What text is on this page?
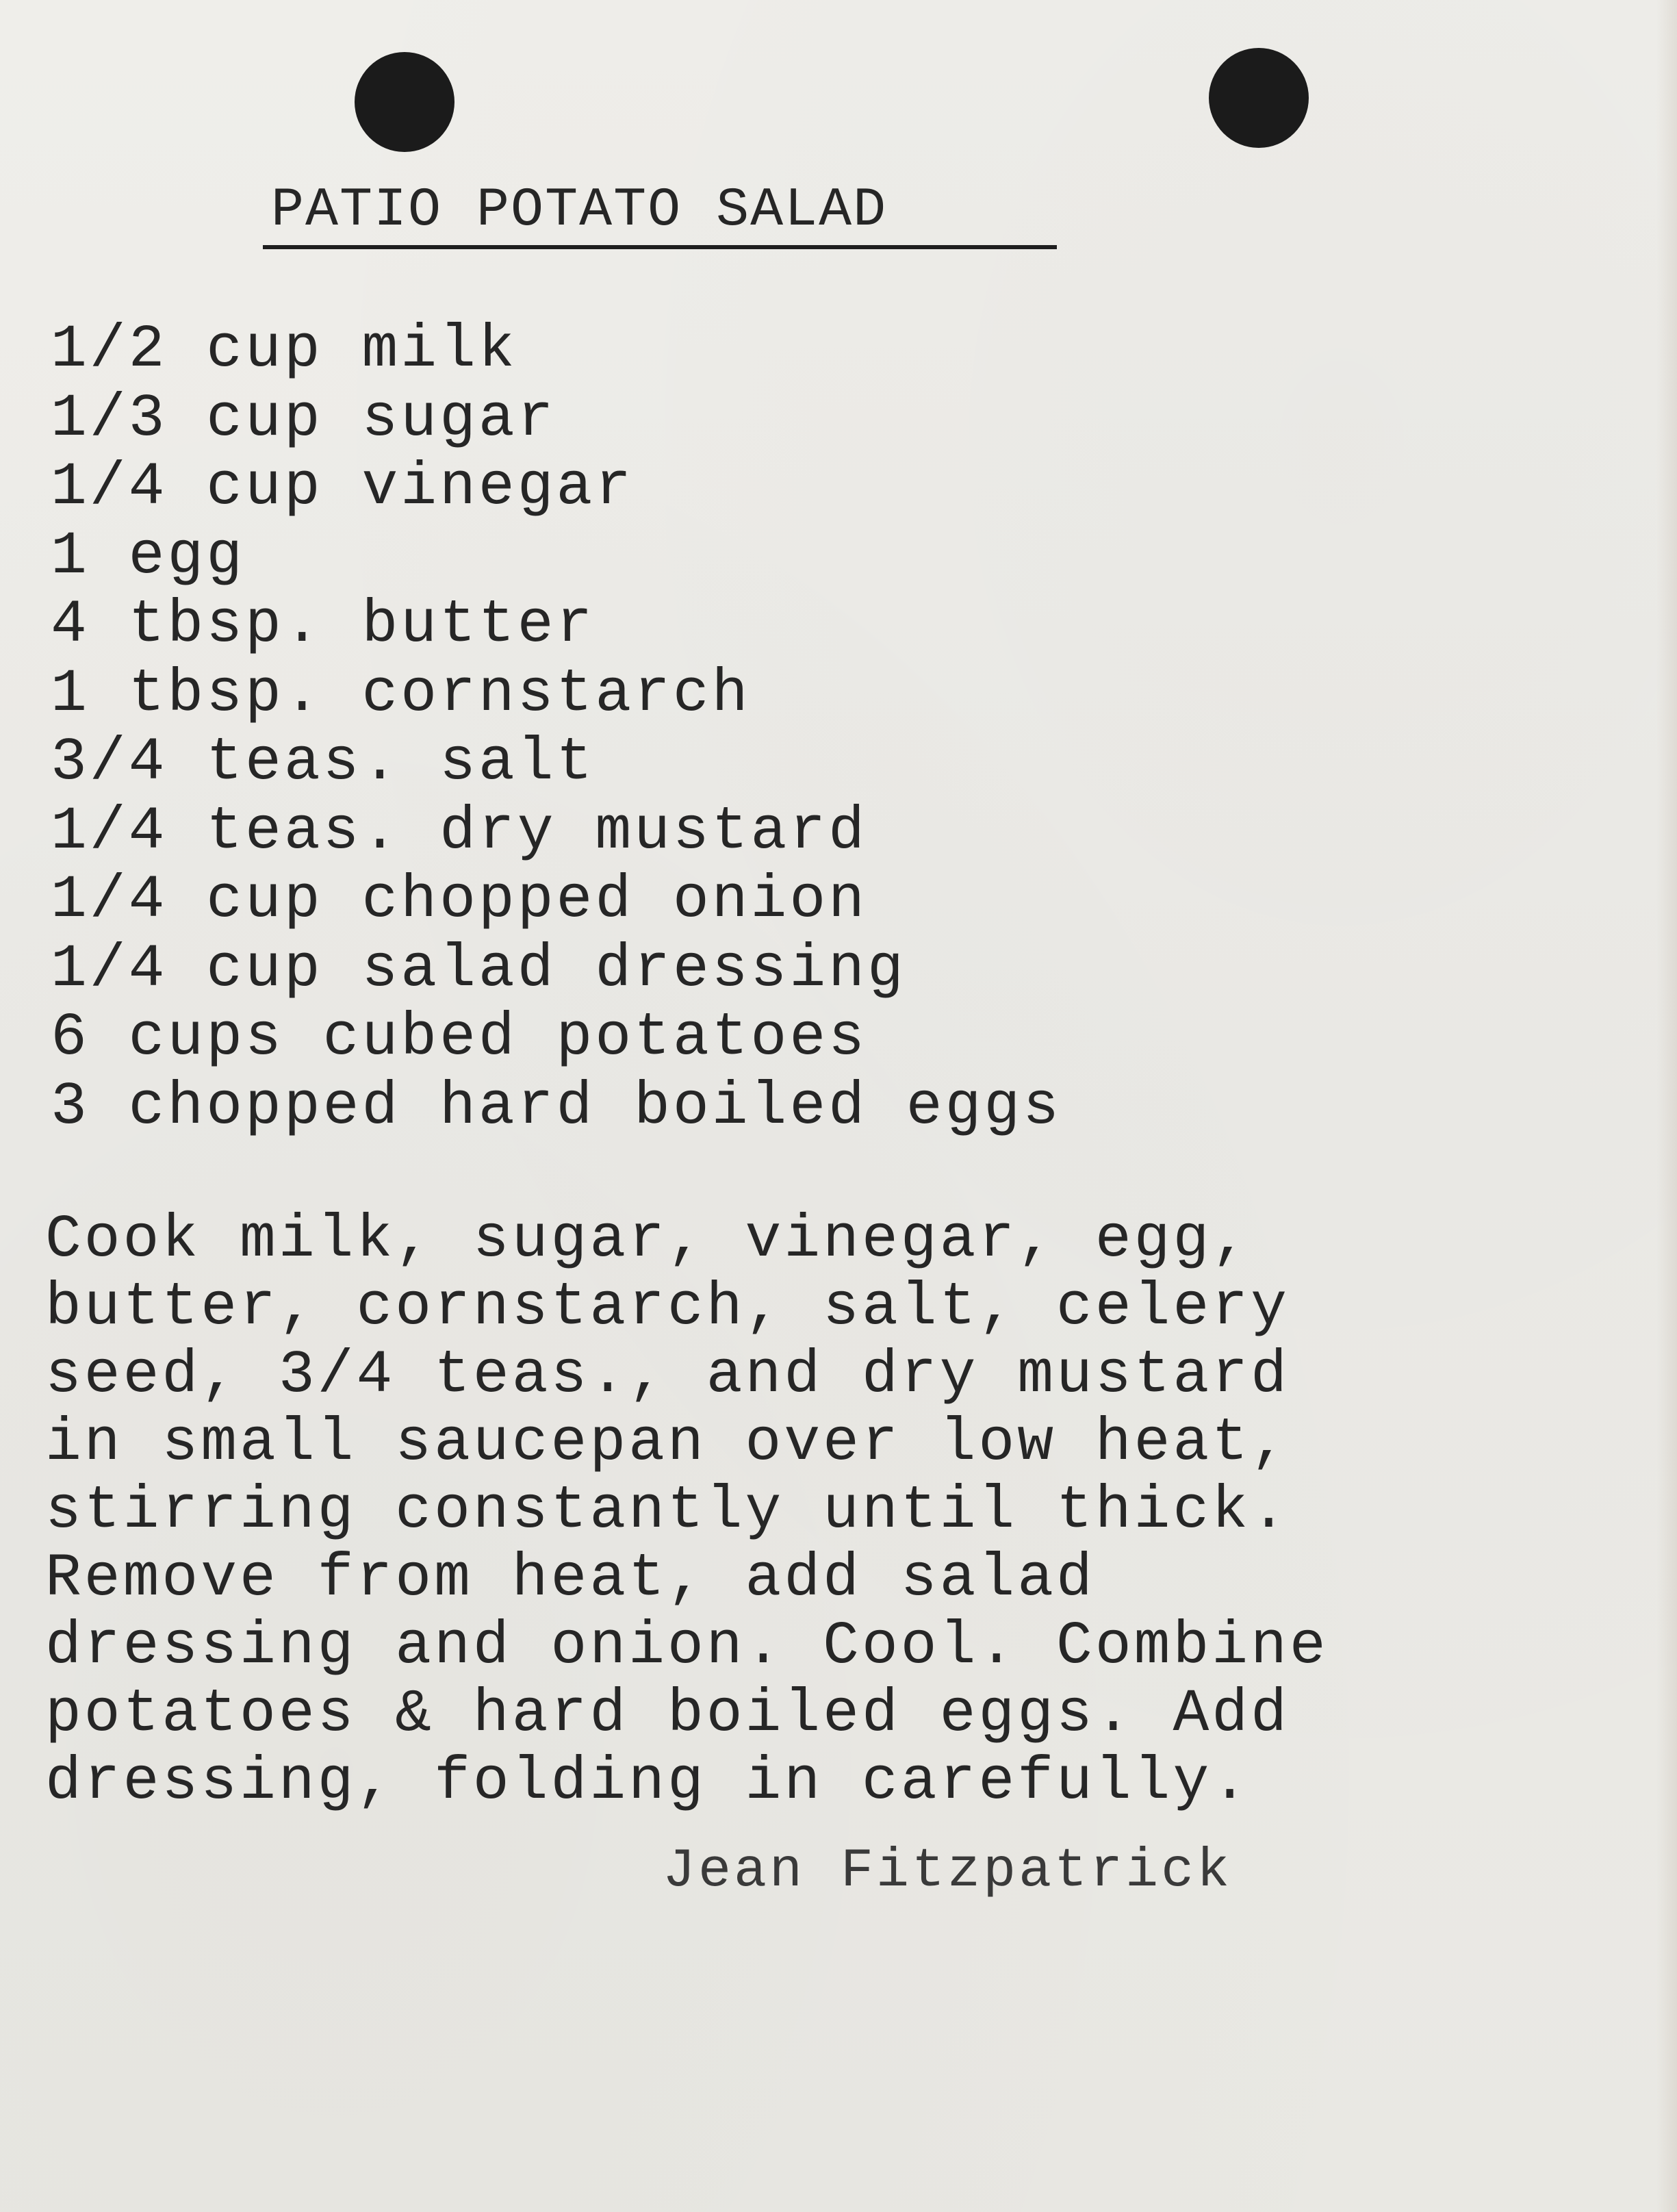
PATIO POTATO SALAD
1/2 cup milk
1/3 cup sugar
1/4 cup vinegar
1 egg
4 tbsp. butter
1 tbsp. cornstarch
3/4 teas. salt
1/4 teas. dry mustard
1/4 cup chopped onion
1/4 cup salad dressing
6 cups cubed potatoes
3 chopped hard boiled eggs

Cook milk, sugar, vinegar, egg,
butter, cornstarch, salt, celery
seed, 3/4 teas., and dry mustard
in small saucepan over low heat,
stirring constantly until thick.
Remove from heat, add salad
dressing and onion. Cool. Combine
potatoes & hard boiled eggs. Add
dressing, folding in carefully.

Jean Fitzpatrick
